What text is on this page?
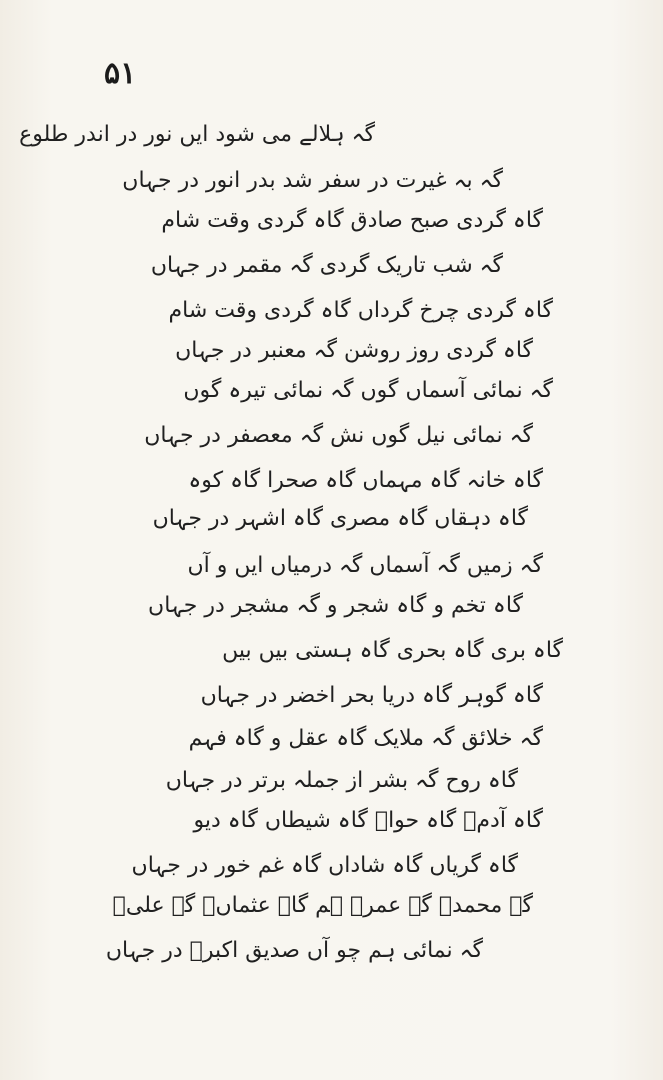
۵۱
گہ ہلالے می شود ایں نور در اندر طلوع
گہ بہ غیرت در سفر شد بدر انور در جہاں
گاہ گردی صبح صادق گاہ گردی وقت شام
گہ شب تاریک گردی گہ مقمر در جہاں
گاہ گردی چرخ گرداں گاہ گردی وقت شام
گاہ گردی روز روشن گہ معنبر در جہاں
گہ نمائی آسماں گوں گہ نمائی تیرہ گوں
گہ نمائی نیل گوں نش گہ معصفر در جہاں
گاہ خانہ گاہ مہماں گاہ صحرا گاہ کوہ
گاہ دہقاں گاہ مصری گاہ اشہر در جہاں
گہ زمیں گہ آسماں گہ درمیاں ایں و آں
گاہ تخم و گاہ شجر و گہ مشجر در جہاں
گاہ بری گاہ بحری گاہ ہستی بیں بیں
گاہ گوہر گاہ دریا بحر اخضر در جہاں
گہ خلائق گہ ملایک گاہ عقل و گاہ فہم
گاہ روح گہ بشر از جملہ برتر در جہاں
گاہ آدمؑ گاہ حواؑ گاہ شیطاں گاہ دیو
گاہ گریاں گاہ شاداں گاہ غم خور در جہاں
گہ محمدؐ گہ عمرؓ ہم گاہ عثماںؓ گہ علیؓ
گہ نمائی ہم چو آں صدیق اکبرؓ در جہاں
